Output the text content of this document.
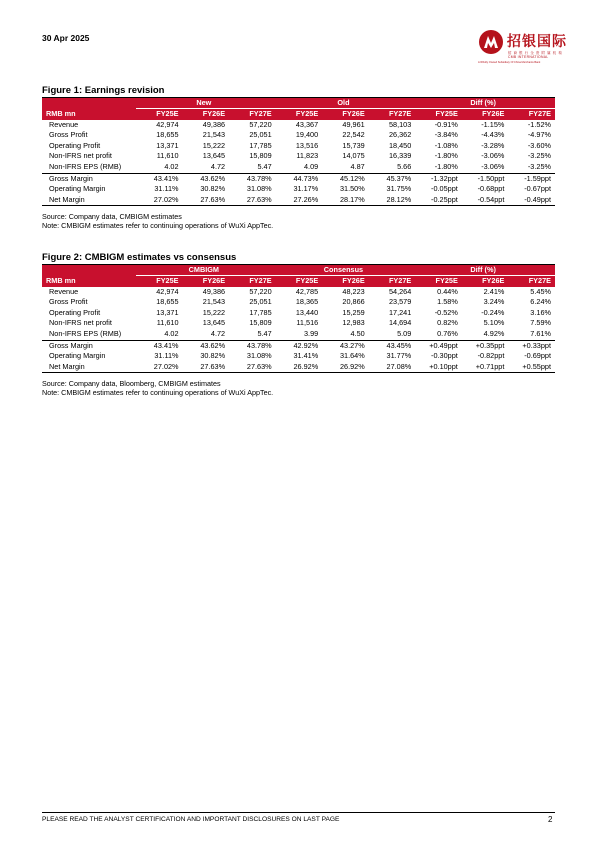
30 Apr 2025	招银国际
招商银行全资附属机构
CMB INTERNATIONAL
A Wholly Owned Subsidiary Of China Merchants Bank
Figure 1: Earnings revision
	New			Old			Diff (%)		
RMB mn	FY25E	FY26E	FY27E	FY25E	FY26E	FY27E	FY25E	FY26E	FY27E
Revenue	42,974	49,386	57,220	43,367	49,961	58,103	-0.91%	-1.15%	-1.52%
Gross Profit	18,655	21,543	25,051	19,400	22,542	26,362	-3.84%	-4.43%	-4.97%
Operating Profit	13,371	15,222	17,785	13,516	15,739	18,450	-1.08%	-3.28%	-3.60%
Non-IFRS net profit	11,610	13,645	15,809	11,823	14,075	16,339	-1.80%	-3.06%	-3.25%
Non-IFRS EPS (RMB)	4.02	4.72	5.47	4.09	4.87	5.66	-1.80%	-3.06%	-3.25%
Gross Margin	43.41%	43.62%	43.78%	44.73%	45.12%	45.37%	-1.32ppt	-1.50ppt	-1.59ppt
Operating Margin	31.11%	30.82%	31.08%	31.17%	31.50%	31.75%	-0.05ppt	-0.68ppt	-0.67ppt
Net Margin	27.02%	27.63%	27.63%	27.26%	28.17%	28.12%	-0.25ppt	-0.54ppt	-0.49ppt
Source: Company data, CMBIGM estimates
Note: CMBIGM estimates refer to continuing operations of WuXi AppTec.
Figure 2: CMBIGM estimates vs consensus
	CMBIGM			Consensus			Diff (%)		
RMB mn	FY25E	FY26E	FY27E	FY25E	FY26E	FY27E	FY25E	FY26E	FY27E
Revenue	42,974	49,386	57,220	42,785	48,223	54,264	0.44%	2.41%	5.45%
Gross Profit	18,655	21,543	25,051	18,365	20,866	23,579	1.58%	3.24%	6.24%
Operating Profit	13,371	15,222	17,785	13,440	15,259	17,241	-0.52%	-0.24%	3.16%
Non-IFRS net profit	11,610	13,645	15,809	11,516	12,983	14,694	0.82%	5.10%	7.59%
Non-IFRS EPS (RMB)	4.02	4.72	5.47	3.99	4.50	5.09	0.76%	4.92%	7.61%
Gross Margin	43.41%	43.62%	43.78%	42.92%	43.27%	43.45%	+0.49ppt	+0.35ppt	+0.33ppt
Operating Margin	31.11%	30.82%	31.08%	31.41%	31.64%	31.77%	-0.30ppt	-0.82ppt	-0.69ppt
Net Margin	27.02%	27.63%	27.63%	26.92%	26.92%	27.08%	+0.10ppt	+0.71ppt	+0.55ppt
Source: Company data, Bloomberg, CMBIGM estimates
Note: CMBIGM estimates refer to continuing operations of WuXi AppTec.
PLEASE READ THE ANALYST CERTIFICATION AND IMPORTANT DISCLOSURES ON LAST PAGE	2
